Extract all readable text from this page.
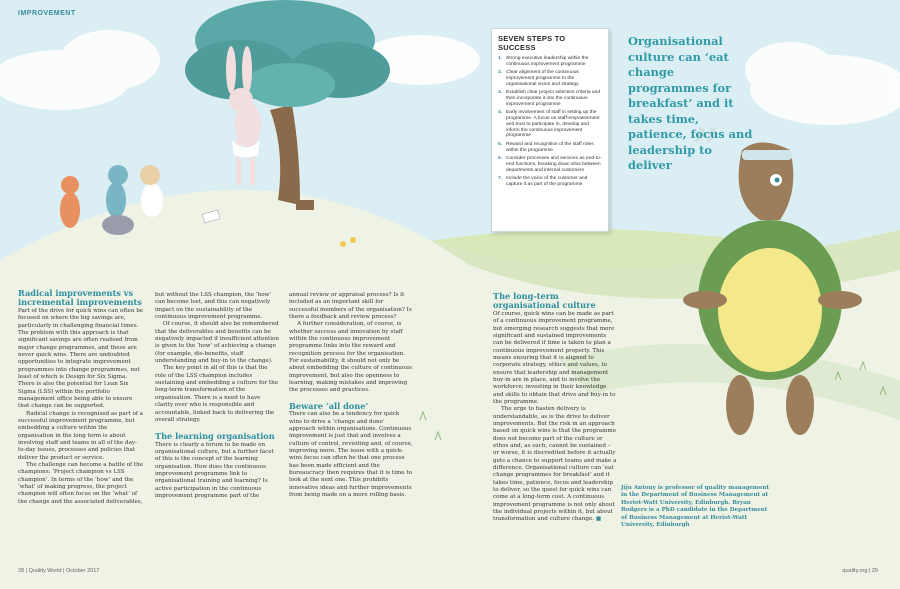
”
IMPROVEMENT
SEVEN STEPS TO SUCCESS
1. Strong executive leadership within the continuous improvement programme
2. Clear alignment of the continuous improvement programme to the organisational vision and strategy
3. Establish clear project selection criteria and then incorporate it into the continuous improvement programme
4. Early involvement of staff in setting up the programme. A focus on staff-empowerment and trust to participate in, develop and inform the continuous improvement programme
5. Reward and recognition of the staff roles within the programme
6. Consider processes and services as end-to-end functions, breaking down silos between departments and internal customers
7. Include the voice of the customer and capture it as part of the programme
Organisational culture can ‘eat change programmes for breakfast’ and it takes time, patience, focus and leadership to deliver

Radical improvements vs incremental improvements

Part of the drive for quick wins can often be focused on where the big savings are, particularly in challenging financial times. The problem with this approach is that significant savings are often realised from major change programmes, and these are never quick wins. There are undoubted opportunities to integrate improvement programmes into change programmes, not least of which is Design for Six Sigma. There is also the potential for Lean Six Sigma (LSS) within the portfolio management office being able to ensure that change can be supported.

Radical change is recognised as part of a successful improvement programme, but embedding a culture within the organisation in the long term is about involving staff and teams in all of the day-to-day issues, processes and policies that deliver the product or service.

The challenge can become a battle of the champions: ‘Project champion vs LSS champion’. In terms of the ‘how’ and the ‘what’ of making progress, the project champion will often focus on the ‘what’ of the change and the associated deliverables,

but without the LSS champion, the ‘how’ can become lost, and this can negatively impact on the sustainability of the continuous improvement programme.

Of course, it should also be remembered that the deliverables and benefits can be negatively impacted if insufficient attention is given to the ‘how’ of achieving a change (for example, dis-benefits, staff understanding and buy-in to the change).

The key point in all of this is that the role of the LSS champion includes sustaining and embedding a culture for the long-term transformation of the organisation. There is a need to have clarity over who is responsible and accountable, linked back to delivering the overall strategy.

The learning organisation

There is clearly a forum to be made on organisational culture, but a further facet of this is the concept of the learning organisation. How does the continuous improvement programme link to organisational training and learning? Is active participation in the continuous improvement programme part of the

annual review or appraisal process? Is it included as an important skill for successful members of the organisation? Is there a feedback and review process?

A further consideration, of course, is whether success and innovation by staff within the continuous improvement programme links into the reward and recognition process for the organisation. For sustainability, it should not only be about embedding the culture of continuous improvement, but also the openness to learning, making mistakes and improving the processes and practices.

Beware ‘all done’

There can also be a tendency for quick wins to drive a ‘change and done’ approach within organisations. Continuous improvement is just that and involves a culture of control, revisiting and, of course, improving more. The issue with a quick-wins focus can often be that one process has been made efficient and the bureaucracy then requires that it is time to look at the next one. This prohibits innovative ideas and further improvements from being made on a more rolling basis.

The long-term organisational culture

Of course, quick wins can be made as part of a continuous improvement programme, but emerging research suggests that more significant and sustained improvements can be delivered if time is taken to plan a continuous improvement properly. This means ensuring that it is aligned to corporate strategy, ethics and values, to ensure that leadership and management buy-in are in place, and to involve the workforce; investing in their knowledge and skills to obtain that drive and buy-in to the programme.

The urge to hasten delivery is understandable, as is the drive to deliver improvements. But the risk in an approach based on quick wins is that the programme does not become part of the culture or ethos and, as such, cannot be sustained – or worse, it is discredited before it actually gets a chance to support teams and make a difference. Organisational culture can ‘eat change programmes for breakfast’ and it takes time, patience, focus and leadership to deliver, so the quest for quick wins can come at a long-term cost. A continuous improvement programme is not only about the individual projects within it, but about transformation and culture change. ■

Jiju Antony is professor of quality management in the Department of Business Management at Heriot-Watt University, Edinburgh. Bryan Rodgers is a PhD candidate in the Department of Business Management at Heriot-Watt University, Edinburgh
28 | Quality World | October 2017	quality.org | 29
